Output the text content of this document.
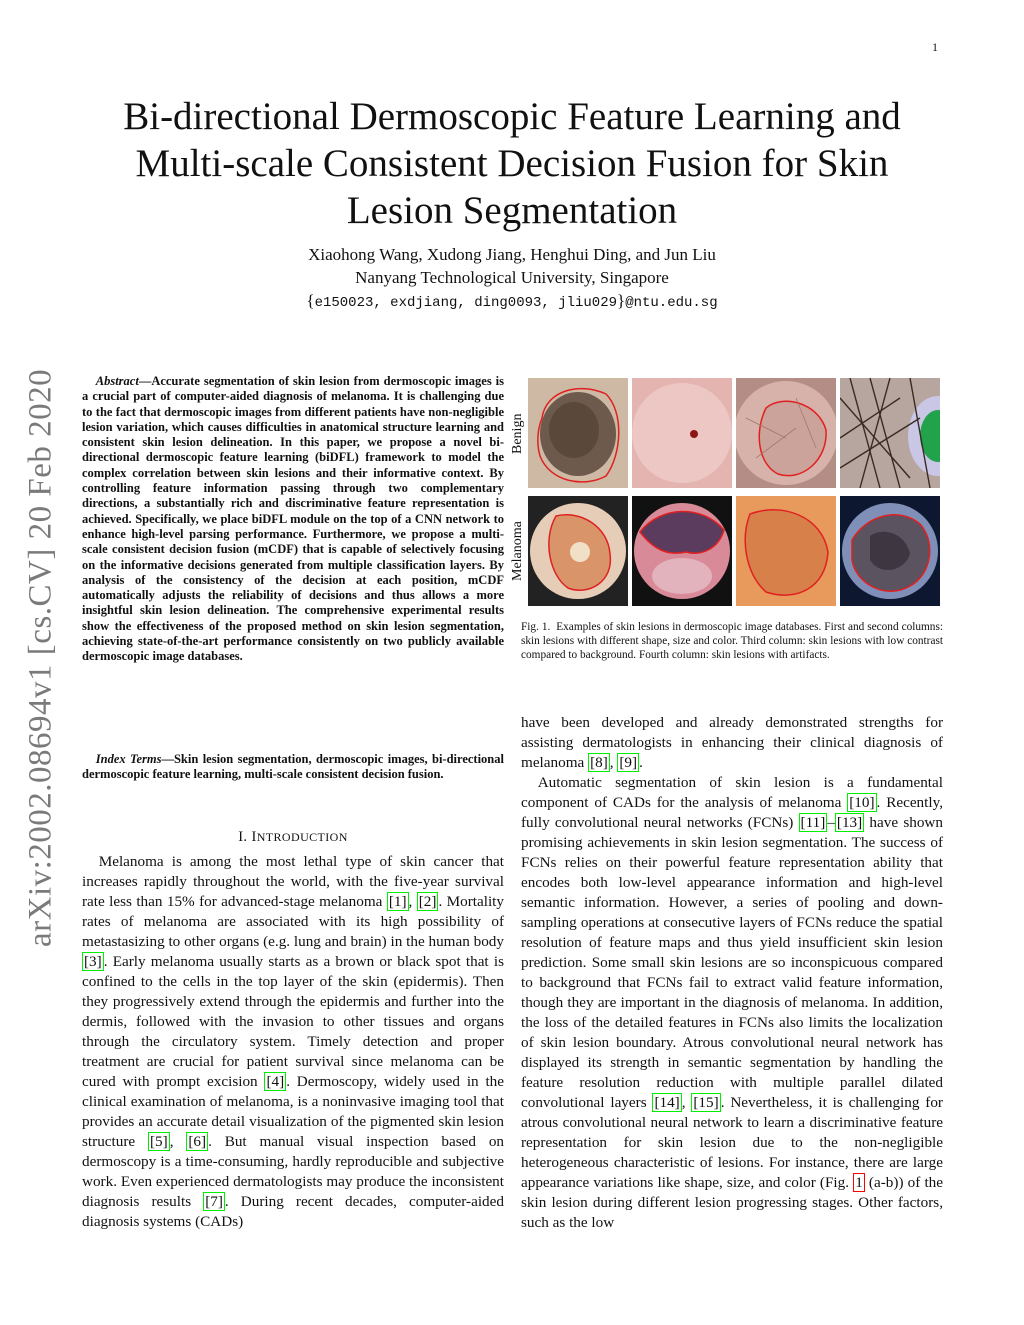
1
arXiv:2002.08694v1 [cs.CV] 20 Feb 2020
Bi-directional Dermoscopic Feature Learning and Multi-scale Consistent Decision Fusion for Skin Lesion Segmentation
Xiaohong Wang, Xudong Jiang, Henghui Ding, and Jun Liu
Nanyang Technological University, Singapore
{e150023, exdjiang, ding0093, jliu029}@ntu.edu.sg

Abstract—Accurate segmentation of skin lesion from dermoscopic images is a crucial part of computer-aided diagnosis of melanoma. It is challenging due to the fact that dermoscopic images from different patients have non-negligible lesion variation, which causes difficulties in anatomical structure learning and consistent skin lesion delineation. In this paper, we propose a novel bi-directional dermoscopic feature learning (biDFL) framework to model the complex correlation between skin lesions and their informative context. By controlling feature information passing through two complementary directions, a substantially rich and discriminative feature representation is achieved. Specifically, we place biDFL module on the top of a CNN network to enhance high-level parsing performance. Furthermore, we propose a multi-scale consistent decision fusion (mCDF) that is capable of selectively focusing on the informative decisions generated from multiple classification layers. By analysis of the consistency of the decision at each position, mCDF automatically adjusts the reliability of decisions and thus allows a more insightful skin lesion delineation. The comprehensive experimental results show the effectiveness of the proposed method on skin lesion segmentation, achieving state-of-the-art performance consistently on two publicly available dermoscopic image databases.

Index Terms—Skin lesion segmentation, dermoscopic images, bi-directional dermoscopic feature learning, multi-scale consistent decision fusion.

I. INTRODUCTION

Melanoma is among the most lethal type of skin cancer that increases rapidly throughout the world, with the five-year survival rate less than 15% for advanced-stage melanoma [1] , [2] . Mortality rates of melanoma are associated with its high possibility of metastasizing to other organs (e.g. lung and brain) in the human body [3] . Early melanoma usually starts as a brown or black spot that is confined to the cells in the top layer of the skin (epidermis). Then they progressively extend through the epidermis and further into the dermis, followed with the invasion to other tissues and organs through the circulatory system. Timely detection and proper treatment are crucial for patient survival since melanoma can be cured with prompt excision [4] . Dermoscopy, widely used in the clinical examination of melanoma, is a noninvasive imaging tool that provides an accurate detail visualization of the pigmented skin lesion structure [5] , [6] . But manual visual inspection based on dermoscopy is a time-consuming, hardly reproducible and subjective work. Even experienced dermatologists may produce the inconsistent diagnosis results [7] . During recent decades, computer-aided diagnosis systems (CADs)

Benign
Melanoma
Fig. 1. Examples of skin lesions in dermoscopic image databases. First and second columns: skin lesions with different shape, size and color. Third column: skin lesions with low contrast compared to background. Fourth column: skin lesions with artifacts.

have been developed and already demonstrated strengths for assisting dermatologists in enhancing their clinical diagnosis of melanoma [8] , [9] .

Automatic segmentation of skin lesion is a fundamental component of CADs for the analysis of melanoma [10] . Recently, fully convolutional neural networks (FCNs) [11] – [13] have shown promising achievements in skin lesion segmentation. The success of FCNs relies on their powerful feature representation ability that encodes both low-level appearance information and high-level semantic information. However, a series of pooling and down-sampling operations at consecutive layers of FCNs reduce the spatial resolution of feature maps and thus yield insufficient skin lesion prediction. Some small skin lesions are so inconspicuous compared to background that FCNs fail to extract valid feature information, though they are important in the diagnosis of melanoma. In addition, the loss of the detailed features in FCNs also limits the localization of skin lesion boundary. Atrous convolutional neural network has displayed its strength in semantic segmentation by handling the feature resolution reduction with multiple parallel dilated convolutional layers [14] , [15] . Nevertheless, it is challenging for atrous convolutional neural network to learn a discriminative feature representation for skin lesion due to the non-negligible heterogeneous characteristic of lesions. For instance, there are large appearance variations like shape, size, and color (Fig. 1 (a-b)) of the skin lesion during different lesion progressing stages. Other factors, such as the low
